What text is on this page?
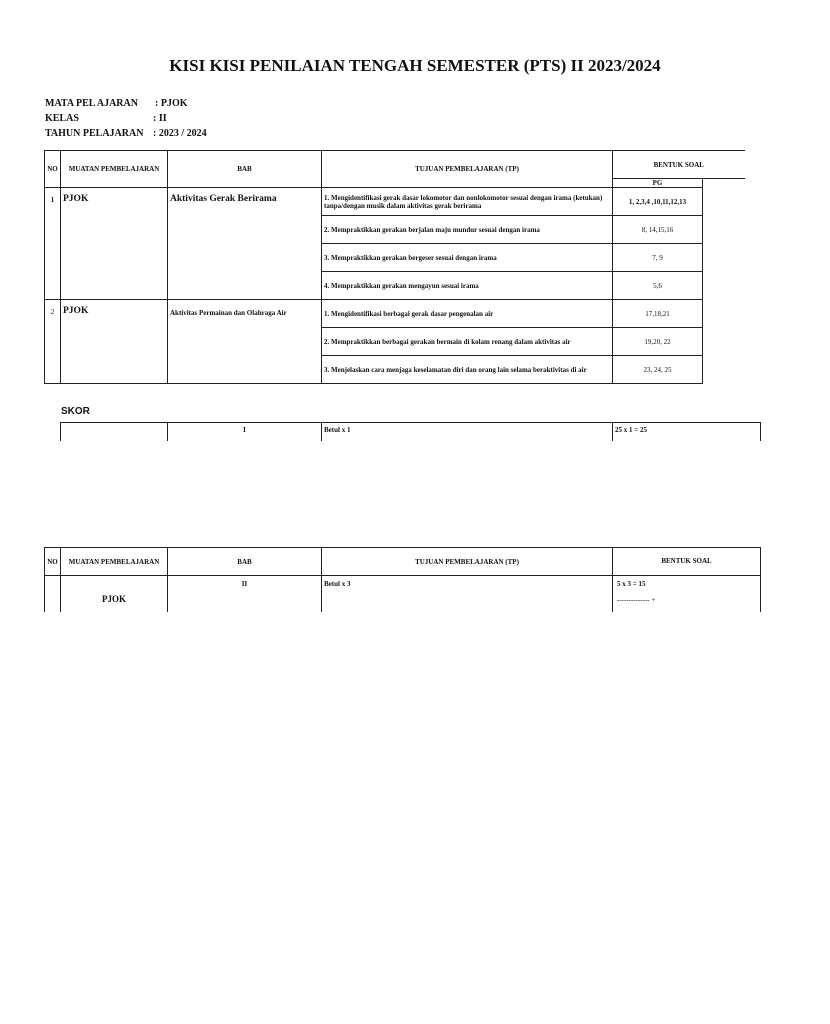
KISI KISI PENILAIAN TENGAH SEMESTER (PTS) II 2023/2024
MATA PEL AJARAN : PJOK
KELAS	: II
TAHUN PELAJARAN : 2023 / 2024
NO	MUATAN PEMBELAJARAN	BAB	TUJUAN PEMBELAJARAN (TP)	BENTUK SOAL	
				PG	
1	PJOK	Aktivitas Gerak Berirama	1. Mengidentifikasi gerak dasar lokomotor dan nonlokomotor sesuai dengan irama (ketukan) tanpa/dengan musik dalam aktivitas gerak berirama	1, 2,3,4 ,10,11,12,13	
			2. Mempraktikkan gerakan berjalan maju mundur sesuai dengan irama	8, 14,15,16	
			3. Mempraktikkan gerakan bergeser sesuai dengan irama	7, 9	
			4. Mempraktikkan gerakan mengayun sesuai irama	5,6	
2	PJOK	Aktivitas Permainan dan Olahraga Air	1. Mengidentifikasi berbagai gerak dasar pengenalan air	17,18,21	
			2. Mempraktikkan berbagai gerakan bermain di kolam renang dalam aktivitas air	19,20, 22	
			3. Menjelaskan cara menjaga keselamatan diri dan orang lain selama beraktivitas di air	23, 24, 25	
SKOR
	I	Betul x 1	25 x 1 = 25
NO	MUATAN PEMBELAJARAN	BAB	TUJUAN PEMBELAJARAN (TP)	BENTUK SOAL
	PJOK	II	Betul x 3	5 x 3 = 15
-------------- +
